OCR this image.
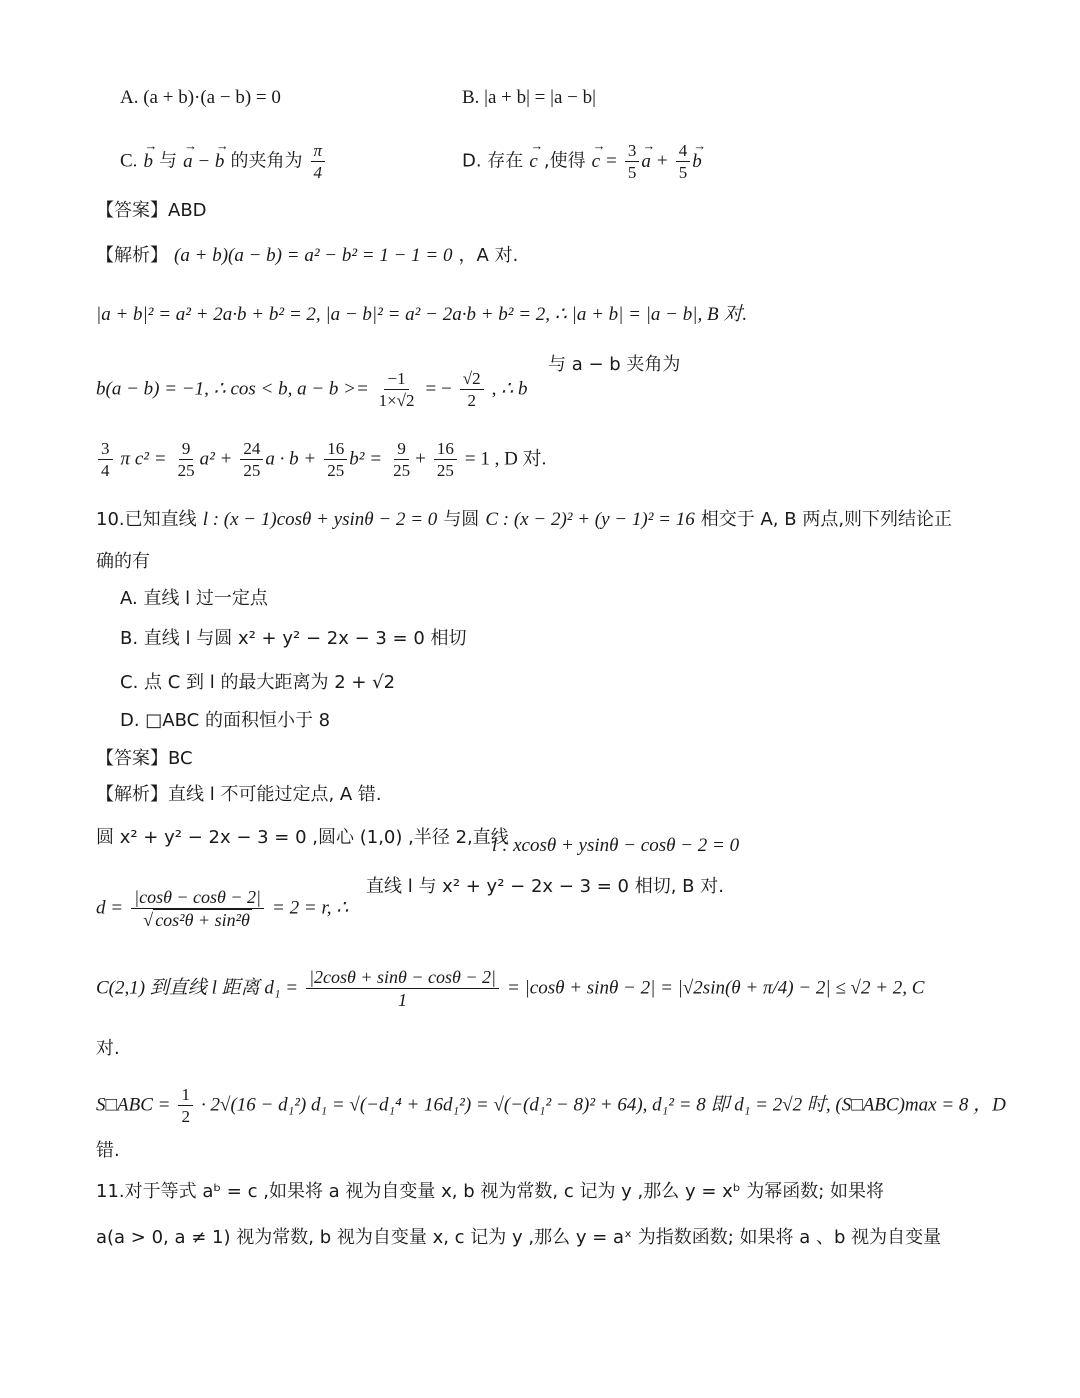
A. (a + b)·(a − b) = 0	B. |a + b| = |a − b|
C. → b 与 → a − → b 的夹角为 $\frac{\pi}{4}$	D. 存在 → c ,使得 → $c = \frac{3}{5}$
→ $a + \frac{4}{5}$
→ b
【答案】ABD
【解析】 (a + b)(a − b) = a² − b² = 1 − 1 = 0 ，A 对.
|a + b|² = a² + 2a·b + b² = 2, |a − b|² = a² − 2a·b + b² = 2, ∴ |a + b| = |a − b|, B 对.
b(a − b) = −1, ∴ cos < b, $a - b >= \frac{-1}{1\times√2}$ = − $\frac{√2}{2}$ , ∴ b
与 a − b 夹角为
$\frac{3}{4}$ π $c^2 = \frac{9}{25} a^2 + \frac{24}{25}$ $a \cdot b + \frac{16}{25} b^2 = \frac{9}{25} + \frac{16}{25} = 1$ , D 对.
10.已知直线 l : (x − 1)cosθ + ysinθ − 2 = 0 与圆 C : (x − 2)² + (y − 1)² = 16 相交于 A, B 两点,则下列结论正
确的有
A. 直线 l 过一定点
B. 直线 l 与圆 x² + y² − 2x − 3 = 0 相切
C. 点 C 到 l 的最大距离为 2 + √2
D. □ABC 的面积恒小于 8
【答案】BC
【解析】直线 l 不可能过定点, A 错.
圆 x² + y² − 2x − 3 = 0 ,圆心 (1,0) ,半径 2,直线
l : xcosθ + ysinθ − cosθ − 2 = 0
直线 l 与 x² + y² − 2x − 3 = 0 相切, B 对.
$d = \frac{|\cos\theta - \cos\theta - 2|}{\text{√ cos²θ + sin²θ}} = 2 = r$, ∴
C(2,1) 到直线 l 距离 $d_1 = \frac{|2\cos\theta + \sin\theta - \cos\theta - 2|}{1} = |\cos\theta + \sin\theta - 2| = |√2\sin(\theta + \pi/4) - 2| \le √2 + 2$, C
对.
S□ABC = $\frac{1}{2} \cdot 2√(16 - d_1^2) d_1 = √(-d_1^4 + 16d_1^2) = √(-(d_1^2 - 8)^2 + 64)$, d₁² = 8 即 d₁ = 2√2 时, (S□ABC)max = 8 ，D
错.
11.对于等式 aᵇ = c ,如果将 a 视为自变量 x, b 视为常数, c 记为 y ,那么 y = xᵇ 为幂函数; 如果将
a(a > 0, a ≠ 1) 视为常数, b 视为自变量 x, c 记为 y ,那么 y = aˣ 为指数函数; 如果将 a 、b 视为自变量
